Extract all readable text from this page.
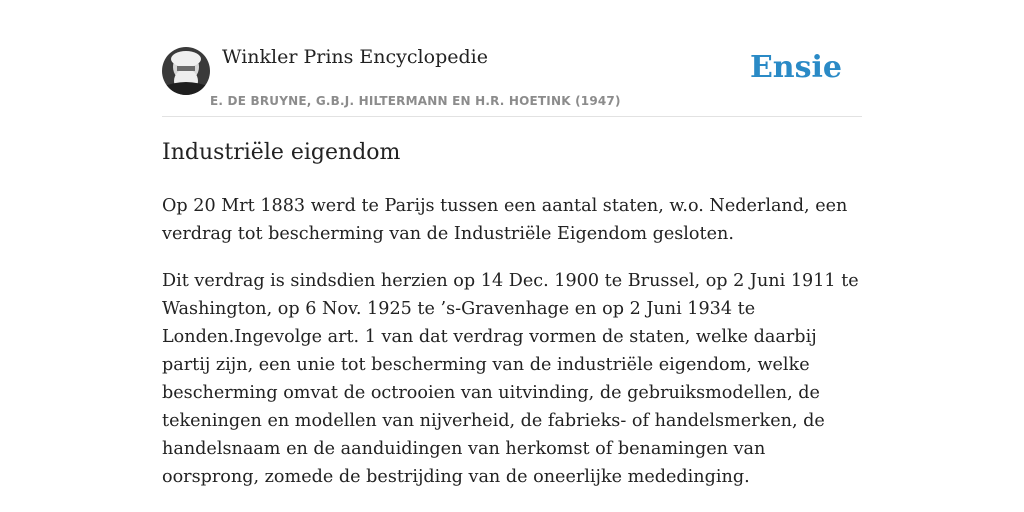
Winkler Prins Encyclopedie
E. DE BRUYNE, G.B.J. HILTERMANN EN H.R. HOETINK (1947)
Ensie
Industriële eigendom

Op 20 Mrt 1883 werd te Parijs tussen een aantal staten, w.o. Nederland, een verdrag tot bescherming van de Industriële Eigendom gesloten.

Dit verdrag is sindsdien herzien op 14 Dec. 1900 te Brussel, op 2 Juni 1911 te Washington, op 6 Nov. 1925 te ’s-Gravenhage en op 2 Juni 1934 te Londen.Ingevolge art. 1 van dat verdrag vormen de staten, welke daarbij partij zijn, een unie tot bescherming van de industriële eigendom, welke bescherming omvat de octrooien van uitvinding, de gebruiksmodellen, de tekeningen en modellen van nijverheid, de fabrieks- of handelsmerken, de handelsnaam en de aanduidingen van herkomst of benamingen van oorsprong, zomede de bestrijding van de oneerlijke mededinging.
